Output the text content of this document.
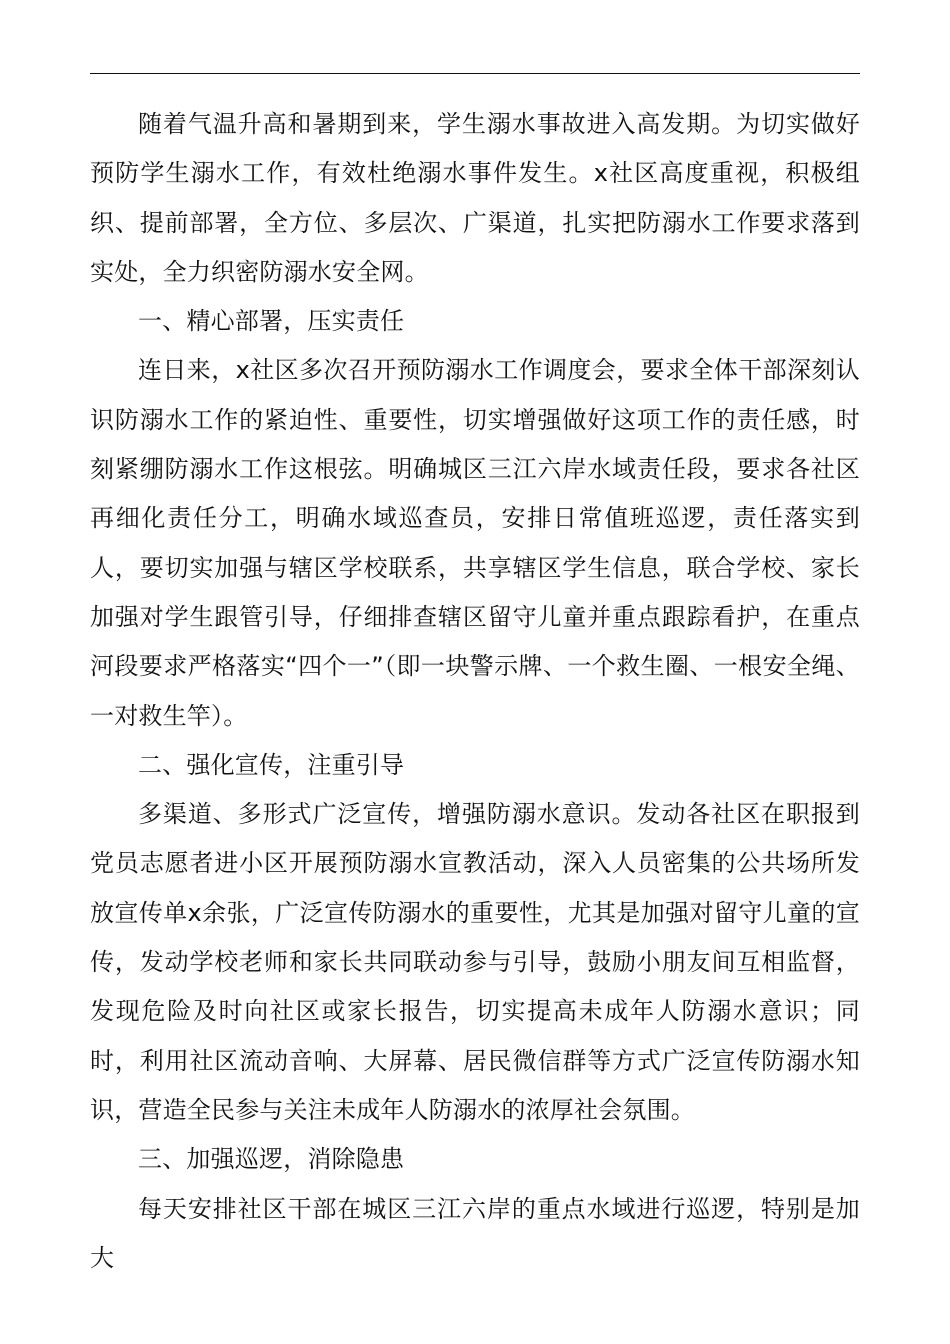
随着气温升高和暑期到来，学生溺水事故进入高发期。为切实做好预防学生溺水工作，有效杜绝溺水事件发生。x社区高度重视，积极组织、提前部署，全方位、多层次、广渠道，扎实把防溺水工作要求落到实处，全力织密防溺水安全网。

一、精心部署，压实责任

连日来，x社区多次召开预防溺水工作调度会，要求全体干部深刻认识防溺水工作的紧迫性、重要性，切实增强做好这项工作的责任感，时刻紧绷防溺水工作这根弦。明确城区三江六岸水域责任段，要求各社区再细化责任分工，明确水域巡查员，安排日常值班巡逻，责任落实到人，要切实加强与辖区学校联系，共享辖区学生信息，联合学校、家长加强对学生跟管引导，仔细排查辖区留守儿童并重点跟踪看护，在重点河段要求严格落实“四个一”（即一块警示牌、一个救生圈、一根安全绳、一对救生竿）。

二、强化宣传，注重引导

多渠道、多形式广泛宣传，增强防溺水意识。发动各社区在职报到党员志愿者进小区开展预防溺水宣教活动，深入人员密集的公共场所发放宣传单x余张，广泛宣传防溺水的重要性，尤其是加强对留守儿童的宣传，发动学校老师和家长共同联动参与引导，鼓励小朋友间互相监督，发现危险及时向社区或家长报告，切实提高未成年人防溺水意识；同时，利用社区流动音响、大屏幕、居民微信群等方式广泛宣传防溺水知识，营造全民参与关注未成年人防溺水的浓厚社会氛围。

三、加强巡逻，消除隐患

每天安排社区干部在城区三江六岸的重点水域进行巡逻，特别是加大
